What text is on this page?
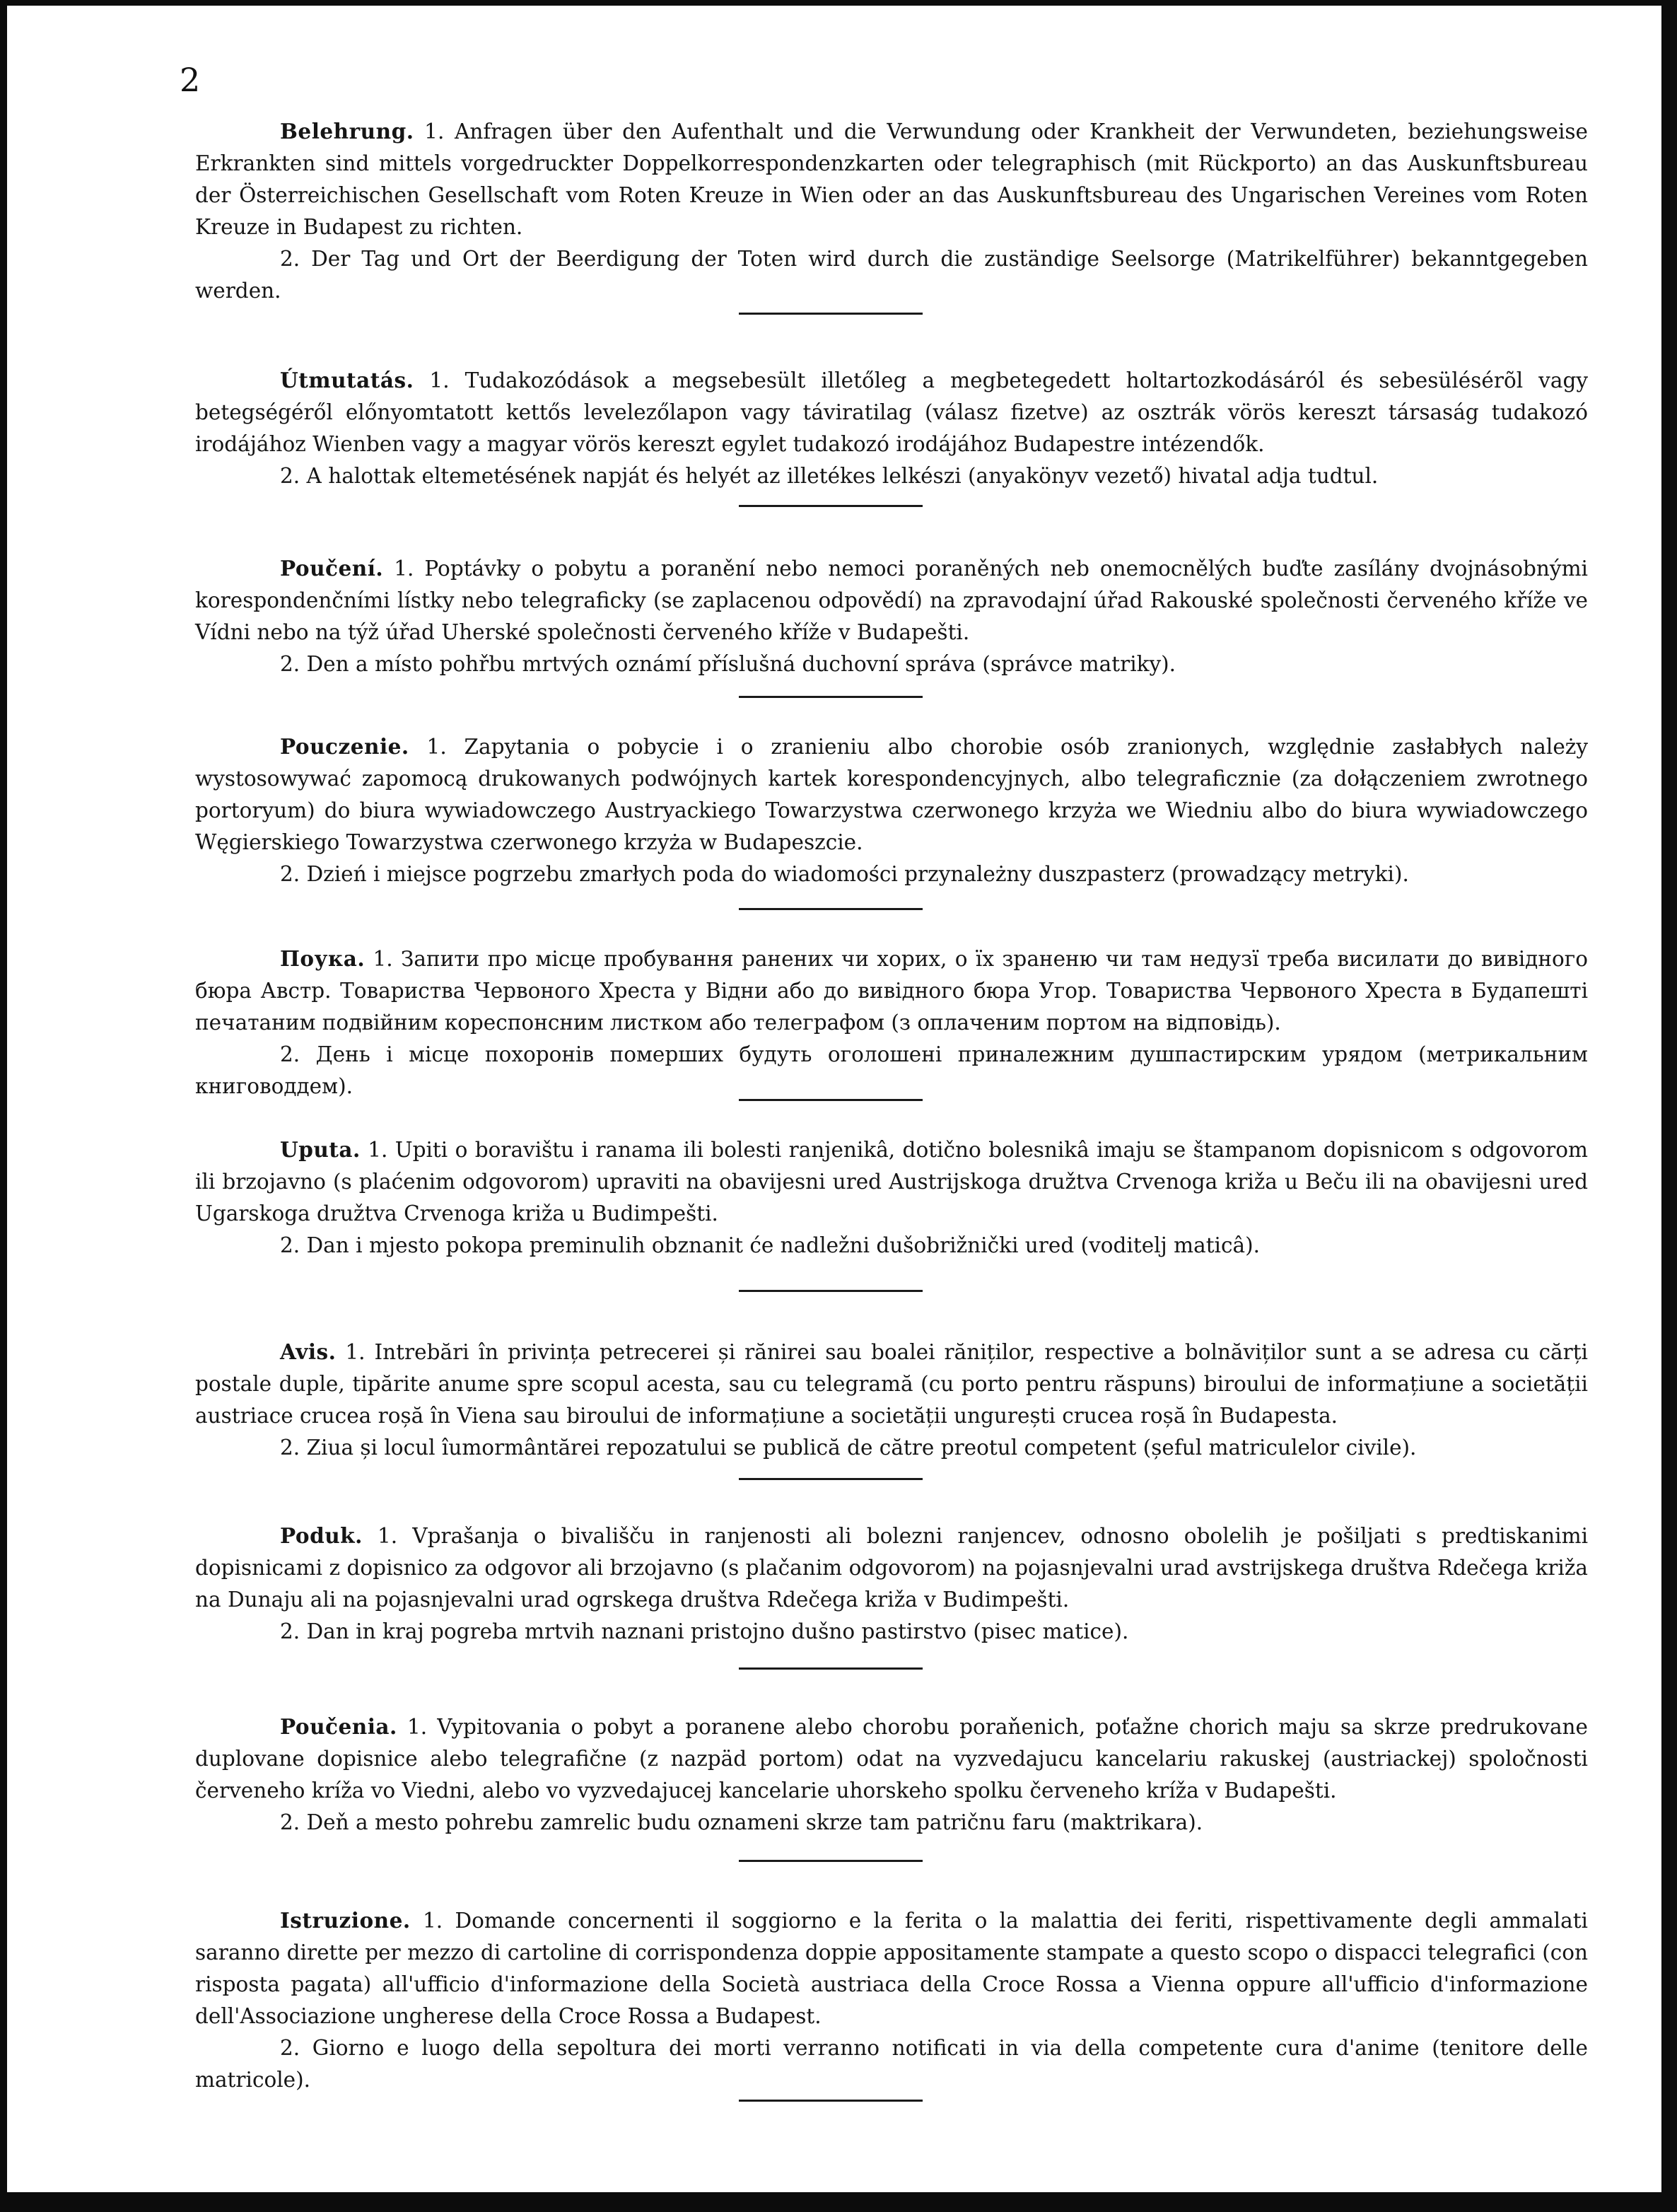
2

Belehrung. 1. Anfragen über den Aufenthalt und die Verwundung oder Krankheit der Verwundeten, beziehungsweise Erkrankten sind mittels vorgedruckter Doppelkorrespondenzkarten oder telegraphisch (mit Rückporto) an das Auskunftsbureau der Österreichischen Gesellschaft vom Roten Kreuze in Wien oder an das Auskunftsbureau des Ungarischen Vereines vom Roten Kreuze in Budapest zu richten.

2. Der Tag und Ort der Beerdigung der Toten wird durch die zuständige Seelsorge (Matrikelführer) bekanntgegeben werden.

Útmutatás. 1. Tudakozódások a megsebesült illetőleg a megbetegedett holtartozkodásáról és sebesülésérõl vagy betegségéről előnyomtatott kettős levelezőlapon vagy táviratilag (válasz fizetve) az osztrák vörös kereszt társaság tudakozó irodájához Wienben vagy a magyar vörös kereszt egylet tudakozó irodájához Budapestre intézendők.

2. A halottak eltemetésének napját és helyét az illetékes lelkészi (anyakönyv vezető) hivatal adja tudtul.

Poučení. 1. Poptávky o pobytu a poranění nebo nemoci poraněných neb onemocnělých buďte zasílány dvojnásobnými korespondenčními lístky nebo telegraficky (se zaplacenou odpovědí) na zpravodajní úřad Rakouské společnosti červeného kříže ve Vídni nebo na týž úřad Uherské společnosti červeného kříže v Budapešti.

2. Den a místo pohřbu mrtvých oznámí příslušná duchovní správa (správce matriky).

Pouczenie. 1. Zapytania o pobycie i o zranieniu albo chorobie osób zranionych, względnie zasłabłych należy wystosowywać zapomocą drukowanych podwójnych kartek korespondencyjnych, albo telegraficznie (za dołączeniem zwrotnego portoryum) do biura wywiadowczego Austryackiego Towarzystwa czerwonego krzyża we Wiedniu albo do biura wywiadowczego Węgierskiego Towarzystwa czerwonego krzyża w Budapeszcie.

2. Dzień i miejsce pogrzebu zmarłych poda do wiadomości przynależny duszpasterz (prowadzący metryki).

Поука. 1. Запити про місце пробування ранених чи хорих, о їх зраненю чи там недузї треба висилати до вивідного бюра Австр. Товариства Червоного Хреста у Відни або до вивідного бюра Угор. Товариства Червоного Хреста в Будапешті печатаним подвійним кореспонсним листком або телеграфом (з оплаченим портом на відповідь).

2. День і місце похоронів померших будуть оголошені приналежним душпастирским урядом (метрикальним книговоддем).

Uputa. 1. Upiti o boravištu i ranama ili bolesti ranjenikâ, dotično bolesnikâ imaju se štampanom dopisnicom s odgovorom ili brzojavno (s plaćenim odgovorom) upraviti na obavijesni ured Austrijskoga družtva Crvenoga križa u Beču ili na obavijesni ured Ugarskoga družtva Crvenoga križa u Budimpešti.

2. Dan i mjesto pokopa preminulih obznanit će nadležni dušobrižnički ured (voditelj maticâ).

Avis. 1. Intrebări în privința petrecerei și rănirei sau boalei răniților, respective a bolnăviților sunt a se adresa cu cărți postale duple, tipărite anume spre scopul acesta, sau cu telegramă (cu porto pentru răspuns) biroului de informațiune a societății austriace crucea roșă în Viena sau biroului de informațiune a societății ungurești crucea roșă în Budapesta.

2. Ziua și locul îumormântărei repozatului se publică de către preotul competent (șeful matriculelor civile).

Poduk. 1. Vprašanja o bivališču in ranjenosti ali bolezni ranjencev, odnosno obolelih je pošiljati s predtiskanimi dopisnicami z dopisnico za odgovor ali brzojavno (s plačanim odgovorom) na pojasnjevalni urad avstrijskega društva Rdečega križa na Dunaju ali na pojasnjevalni urad ogrskega društva Rdečega križa v Budimpešti.

2. Dan in kraj pogreba mrtvih naznani pristojno dušno pastirstvo (pisec matice).

Poučenia. 1. Vypitovania o pobyt a poranene alebo chorobu poraňenich, poťažne chorich maju sa skrze predrukovane duplovane dopisnice alebo telegrafične (z nazpäd portom) odat na vyzvedajucu kancelariu rakuskej (austriackej) spoločnosti červeneho kríža vo Viedni, alebo vo vyzvedajucej kancelarie uhorskeho spolku červeneho kríža v Budapešti.

2. Deň a mesto pohrebu zamrelic budu oznameni skrze tam patričnu faru (maktrikara).

Istruzione. 1. Domande concernenti il soggiorno e la ferita o la malattia dei feriti, rispettivamente degli ammalati saranno dirette per mezzo di cartoline di corrispondenza doppie appositamente stampate a questo scopo o dispacci telegrafici (con risposta pagata) all'ufficio d'informazione della Società austriaca della Croce Rossa a Vienna oppure all'ufficio d'informazione dell'Associazione ungherese della Croce Rossa a Budapest.

2. Giorno e luogo della sepoltura dei morti verranno notificati in via della competente cura d'anime (tenitore delle matricole).
